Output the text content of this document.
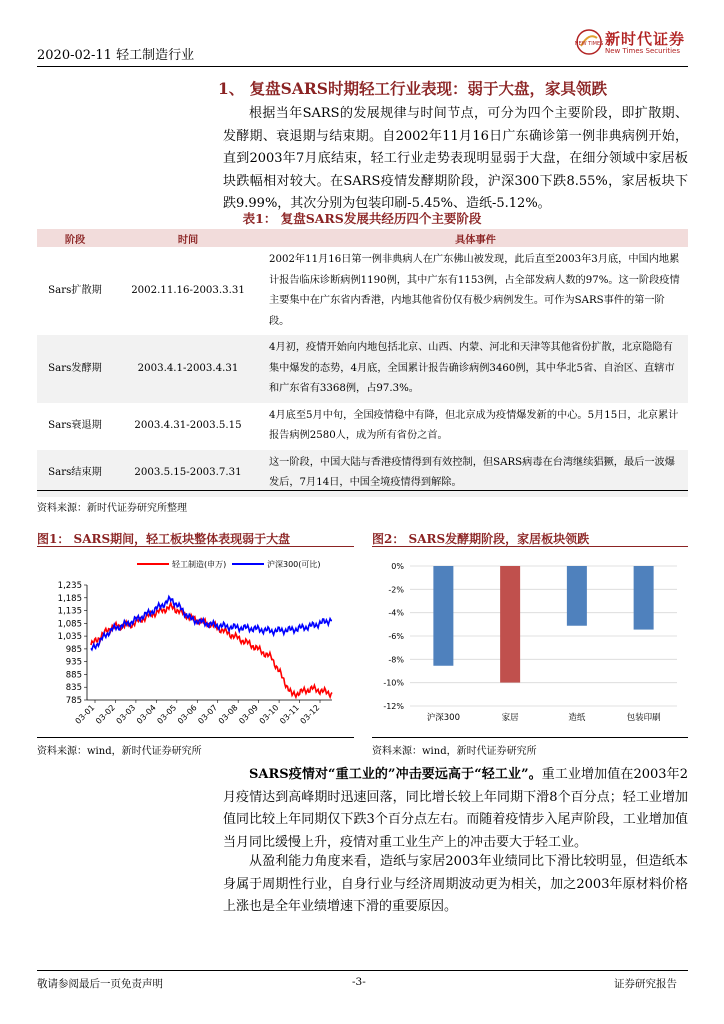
2020-02-11 轻工制造行业
NEW TIMES 新时代证券
New Times Securities
1、 复盘SARS时期轻工行业表现：弱于大盘，家具领跌
根据当年SARS的发展规律与时间节点，可分为四个主要阶段，即扩散期、发酵期、衰退期与结束期。自2002年11月16日广东确诊第一例非典病例开始，直到2003年7月底结束，轻工行业走势表现明显弱于大盘，在细分领域中家居板块跌幅相对较大。在SARS疫情发酵期阶段，沪深300下跌8.55%，家居板块下跌9.99%，其次分别为包装印刷-5.45%、造纸-5.12%。
表1： 复盘SARS发展共经历四个主要阶段
阶段	时间	具体事件
Sars扩散期	2002.11.16-2003.3.31	2002年11月16日第一例非典病人在广东佛山被发现，此后直至2003年3月底，中国内地累计报告临床诊断病例1190例，其中广东有1153例，占全部发病人数的97%。这一阶段疫情主要集中在广东省内香港，内地其他省份仅有极少病例发生。可作为SARS事件的第一阶段。
Sars发酵期	2003.4.1-2003.4.31	4月初，疫情开始向内地包括北京、山西、内蒙、河北和天津等其他省份扩散，北京隐隐有集中爆发的态势，4月底，全国累计报告确诊病例3460例，其中华北5省、自治区、直辖市和广东省有3368例，占97.3%。
Sars衰退期	2003.4.31-2003.5.15	4月底至5月中旬，全国疫情稳中有降，但北京成为疫情爆发新的中心。5月15日，北京累计报告病例2580人，成为所有省份之首。
Sars结束期	2003.5.15-2003.7.31	这一阶段，中国大陆与香港疫情得到有效控制，但SARS病毒在台湾继续猖獗，最后一波爆发后，7月14日，中国全境疫情得到解除。
资料来源：新时代证券研究所整理
图1： SARS期间，轻工板块整体表现弱于大盘	图2： SARS发酵期阶段，家居板块领跌
轻工制造(申万)	沪深300(可比)
1,235
1,185
1,135
1,085
1,035
985
935
885
835
785
03-01
03-02
03-03
03-04
03-05
03-06
03-07
03-08
03-09
03-10
03-11
03-12
0%
-2%
-4%
-6%
-8%
-10%
-12%
沪深300	家居	造纸	包装印刷
资料来源：wind，新时代证券研究所	资料来源：wind，新时代证券研究所
SARS疫情对“重工业的”冲击要远高于“轻工业”。重工业增加值在2003年2月疫情达到高峰期时迅速回落，同比增长较上年同期下滑8个百分点；轻工业增加值同比较上年同期仅下跌3个百分点左右。而随着疫情步入尾声阶段，工业增加值当月同比缓慢上升，疫情对重工业生产上的冲击要大于轻工业。
从盈利能力角度来看，造纸与家居2003年业绩同比下滑比较明显，但造纸本身属于周期性行业，自身行业与经济周期波动更为相关，加之2003年原材料价格上涨也是全年业绩增速下滑的重要原因。
敬请参阅最后一页免责声明	-3-	证券研究报告
